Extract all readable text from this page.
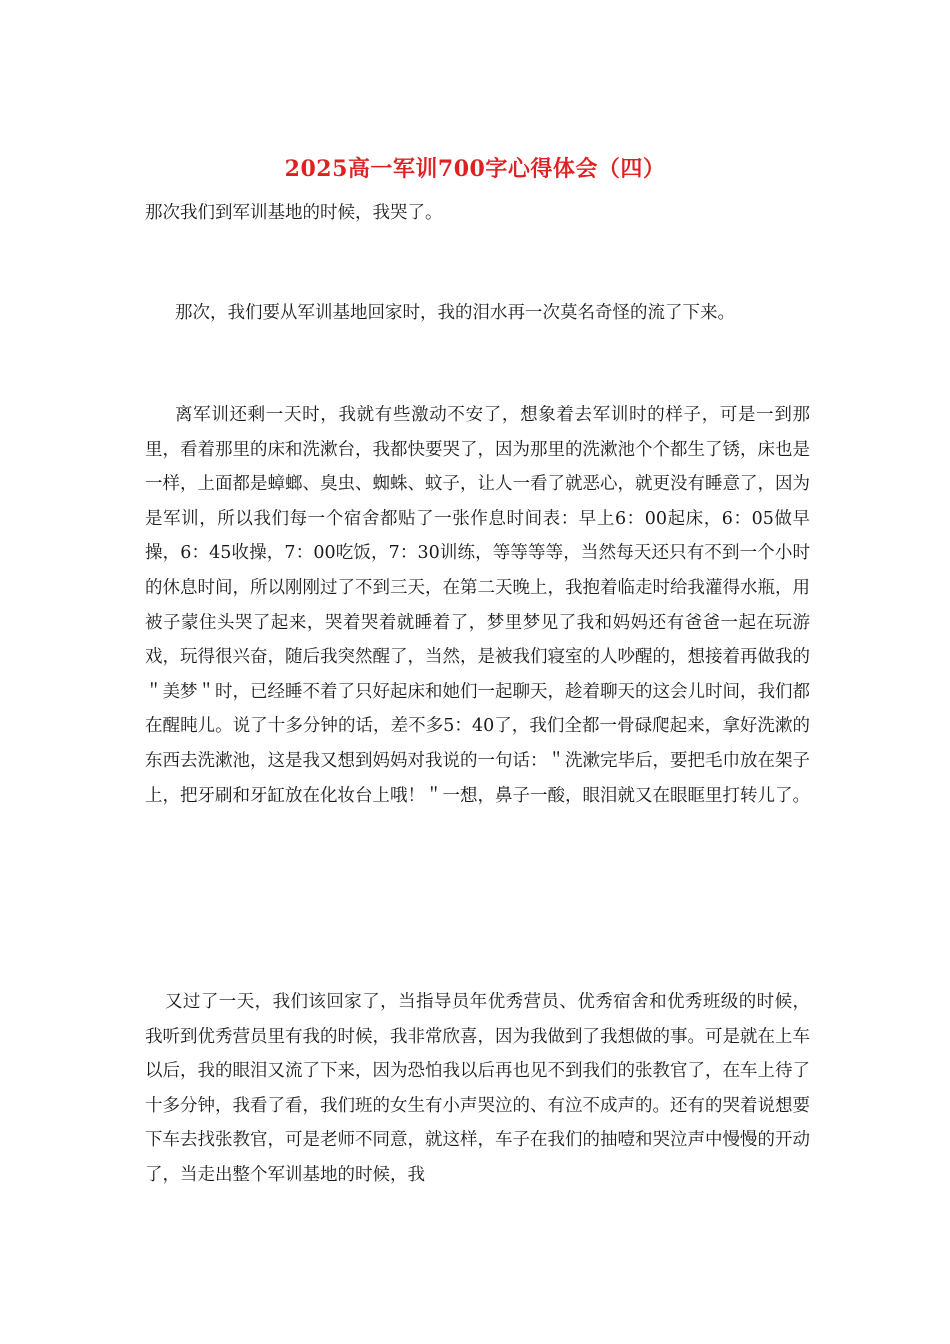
2025高一军训700字心得体会（四）

那次我们到军训基地的时候，我哭了。

那次，我们要从军训基地回家时，我的泪水再一次莫名奇怪的流了下来。

离军训还剩一天时，我就有些激动不安了，想象着去军训时的样子，可是一到那里，看着那里的床和洗漱台，我都快要哭了，因为那里的洗漱池个个都生了锈，床也是一样，上面都是蟑螂、臭虫、蜘蛛、蚊子，让人一看了就恶心，就更没有睡意了，因为是军训，所以我们每一个宿舍都贴了一张作息时间表：早上6：00起床，6：05做早操，6：45收操，7：00吃饭，7：30训练，等等等等，当然每天还只有不到一个小时的休息时间，所以刚刚过了不到三天，在第二天晚上，我抱着临走时给我灌得水瓶，用被子蒙住头哭了起来，哭着哭着就睡着了，梦里梦见了我和妈妈还有爸爸一起在玩游戏，玩得很兴奋，随后我突然醒了，当然，是被我们寝室的人吵醒的，想接着再做我的＂美梦＂时，已经睡不着了只好起床和她们一起聊天，趁着聊天的这会儿时间，我们都在醒盹儿。说了十多分钟的话，差不多5：40了，我们全都一骨碌爬起来，拿好洗漱的东西去洗漱池，这是我又想到妈妈对我说的一句话：＂洗漱完毕后，要把毛巾放在架子上，把牙刷和牙缸放在化妆台上哦！＂一想，鼻子一酸，眼泪就又在眼眶里打转儿了。

又过了一天，我们该回家了，当指导员年优秀营员、优秀宿舍和优秀班级的时候，我听到优秀营员里有我的时候，我非常欣喜，因为我做到了我想做的事。可是就在上车以后，我的眼泪又流了下来，因为恐怕我以后再也见不到我们的张教官了，在车上待了十多分钟，我看了看，我们班的女生有小声哭泣的、有泣不成声的。还有的哭着说想要下车去找张教官，可是老师不同意，就这样，车子在我们的抽噎和哭泣声中慢慢的开动了，当走出整个军训基地的时候，我
